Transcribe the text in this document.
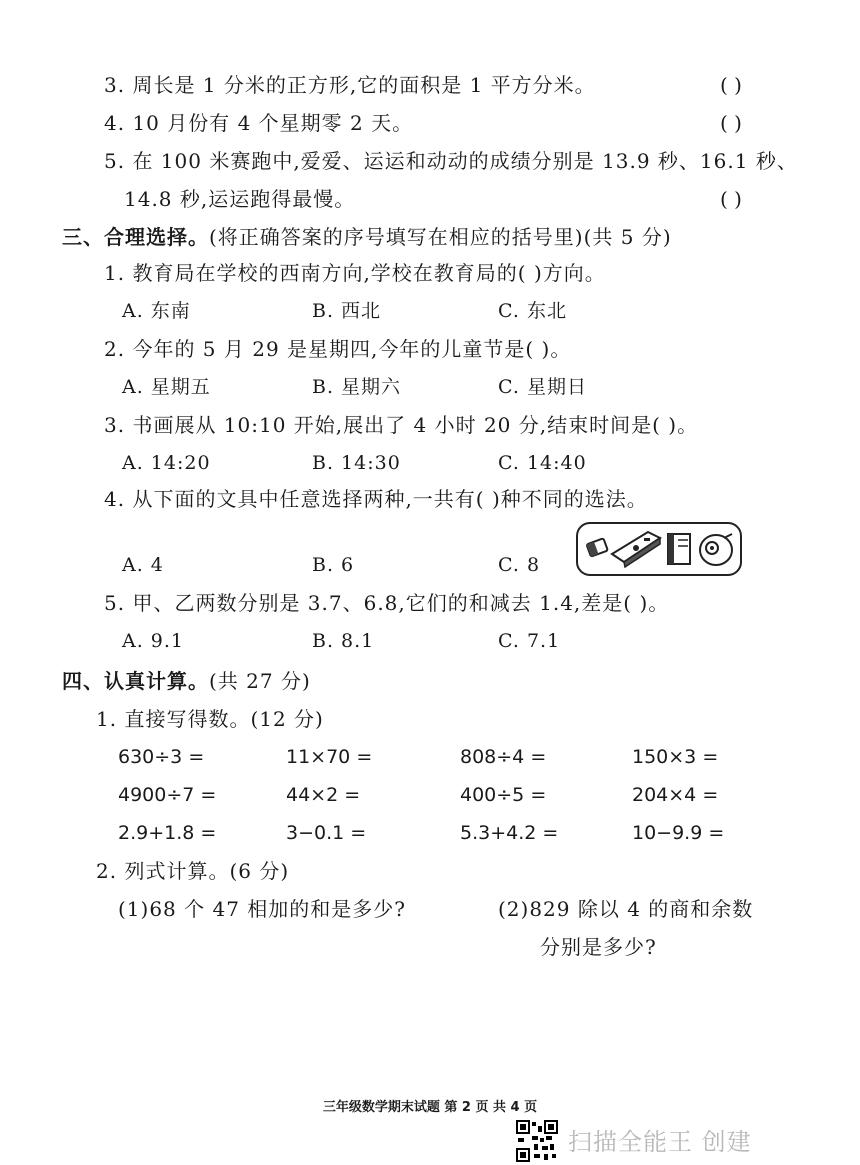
3. 周长是 1 分米的正方形,它的面积是 1 平方分米。	( )
4. 10 月份有 4 个星期零 2 天。	( )
5. 在 100 米赛跑中,爱爱、运运和动动的成绩分别是 13.9 秒、16.1 秒、
14.8 秒,运运跑得最慢。	( )
三、合理选择。(将正确答案的序号填写在相应的括号里)(共 5 分)
1. 教育局在学校的西南方向,学校在教育局的( )方向。
A. 东南	B. 西北	C. 东北
2. 今年的 5 月 29 是星期四,今年的儿童节是( )。
A. 星期五	B. 星期六	C. 星期日
3. 书画展从 10:10 开始,展出了 4 小时 20 分,结束时间是( )。
A. 14:20	B. 14:30	C. 14:40
4. 从下面的文具中任意选择两种,一共有( )种不同的选法。
A. 4	B. 6	C. 8
5. 甲、乙两数分别是 3.7、6.8,它们的和减去 1.4,差是( )。
A. 9.1	B. 8.1	C. 7.1
四、认真计算。(共 27 分)
1. 直接写得数。(12 分)
630÷3 =	11×70 =	808÷4 =	150×3 =
4900÷7 =	44×2 =	400÷5 =	204×4 =
2.9+1.8 =	3−0.1 =	5.3+4.2 =	10−9.9 =
2. 列式计算。(6 分)
(1)68 个 47 相加的和是多少?	(2)829 除以 4 的商和余数
分别是多少?
三年级数学期末试题 第 2 页 共 4 页
扫描全能王 创建
